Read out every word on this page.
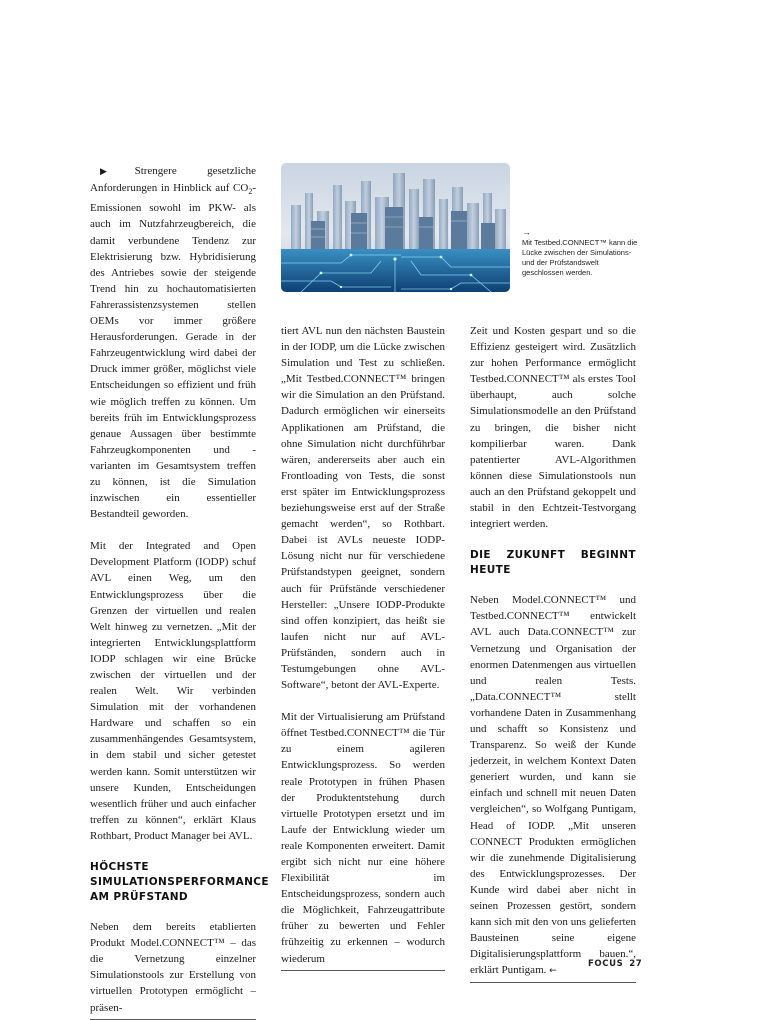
→
Mit Testbed.CONNECT™ kann die Lücke zwischen der Simulations- und der Prüfstandswelt geschlossen werden.

▶Strengere gesetzliche Anforderungen in Hinblick auf $CO_2$-Emissionen sowohl im PKW- als auch im Nutzfahrzeugbereich, die damit verbundene Tendenz zur Elektrisierung bzw. Hybridisierung des Antriebes sowie der steigende Trend hin zu hochautomatisierten Fahrerassistenzsystemen stellen OEMs vor immer größere Herausforderungen. Gerade in der Fahrzeugentwicklung wird dabei der Druck immer größer, möglichst viele Entscheidungen so effizient und früh wie möglich treffen zu können. Um bereits früh im Entwicklungsprozess genaue Aussagen über bestimmte Fahrzeugkomponenten und -varianten im Gesamtsystem treffen zu können, ist die Simulation inzwischen ein essentieller Bestandteil geworden.

Mit der Integrated and Open Development Platform (IODP) schuf AVL einen Weg, um den Entwicklungsprozess über die Grenzen der virtuellen und realen Welt hinweg zu vernetzen. „Mit der integrierten Entwicklungsplattform IODP schlagen wir eine Brücke zwischen der virtuellen und der realen Welt. Wir verbinden Simulation mit der vorhandenen Hardware und schaffen so ein zusammenhängendes Gesamtsystem, in dem stabil und sicher getestet werden kann. Somit unterstützen wir unsere Kunden, Entscheidungen wesentlich früher und auch einfacher treffen zu können“, erklärt Klaus Rothbart, Product Manager bei AVL.

HÖCHSTE SIMULATIONSPERFORMANCE AM PRÜFSTAND

Neben dem bereits etablierten Produkt Model.CONNECT™ – das die Vernetzung einzelner Simulationstools zur Erstellung von virtuellen Prototypen ermöglicht – präsen-

tiert AVL nun den nächsten Baustein in der IODP, um die Lücke zwischen Simulation und Test zu schließen. „Mit Testbed.CONNECT™ bringen wir die Simulation an den Prüfstand. Dadurch ermöglichen wir einerseits Applikationen am Prüfstand, die ohne Simulation nicht durchführbar wären, andererseits aber auch ein Frontloading von Tests, die sonst erst später im Entwicklungsprozess beziehungsweise erst auf der Straße gemacht werden“, so Rothbart. Dabei ist AVLs neueste IODP-Lösung nicht nur für verschiedene Prüfstandstypen geeignet, sondern auch für Prüfstände verschiedener Hersteller: „Unsere IODP-Produkte sind offen konzipiert, das heißt sie laufen nicht nur auf AVL-Prüfständen, sondern auch in Testumgebungen ohne AVL-Software“, betont der AVL-Experte.

Mit der Virtualisierung am Prüfstand öffnet Testbed.CONNECT™ die Tür zu einem agileren Entwicklungsprozess. So werden reale Prototypen in frühen Phasen der Produktentstehung durch virtuelle Prototypen ersetzt und im Laufe der Entwicklung wieder um reale Komponenten erweitert. Damit ergibt sich nicht nur eine höhere Flexibilität im Entscheidungsprozess, sondern auch die Möglichkeit, Fahrzeugattribute früher zu bewerten und Fehler frühzeitig zu erkennen – wodurch wiederum

Zeit und Kosten gespart und so die Effizienz gesteigert wird. Zusätzlich zur hohen Performance ermöglicht Testbed.CONNECT™ als erstes Tool überhaupt, auch solche Simulationsmodelle an den Prüfstand zu bringen, die bisher nicht kompilierbar waren. Dank patentierter AVL-Algorithmen können diese Simulationstools nun auch an den Prüfstand gekoppelt und stabil in den Echtzeit-Testvorgang integriert werden.

DIE ZUKUNFT BEGINNT HEUTE

Neben Model.CONNECT™ und Testbed.CONNECT™ entwickelt AVL auch Data.CONNECT™ zur Vernetzung und Organisation der enormen Datenmengen aus virtuellen und realen Tests. „Data.CONNECT™ stellt vorhandene Daten in Zusammenhang und schafft so Konsistenz und Transparenz. So weiß der Kunde jederzeit, in welchem Kontext Daten generiert wurden, und kann sie einfach und schnell mit neuen Daten vergleichen“, so Wolfgang Puntigam, Head of IODP. „Mit unseren CONNECT Produkten ermöglichen wir die zunehmende Digitalisierung des Entwicklungsprozesses. Der Kunde wird dabei aber nicht in seinen Prozessen gestört, sondern kann sich mit den von uns gelieferten Bausteinen seine eigene Digitalisierungsplattform bauen.“, erklärt Puntigam. ←

FOCUS 27
